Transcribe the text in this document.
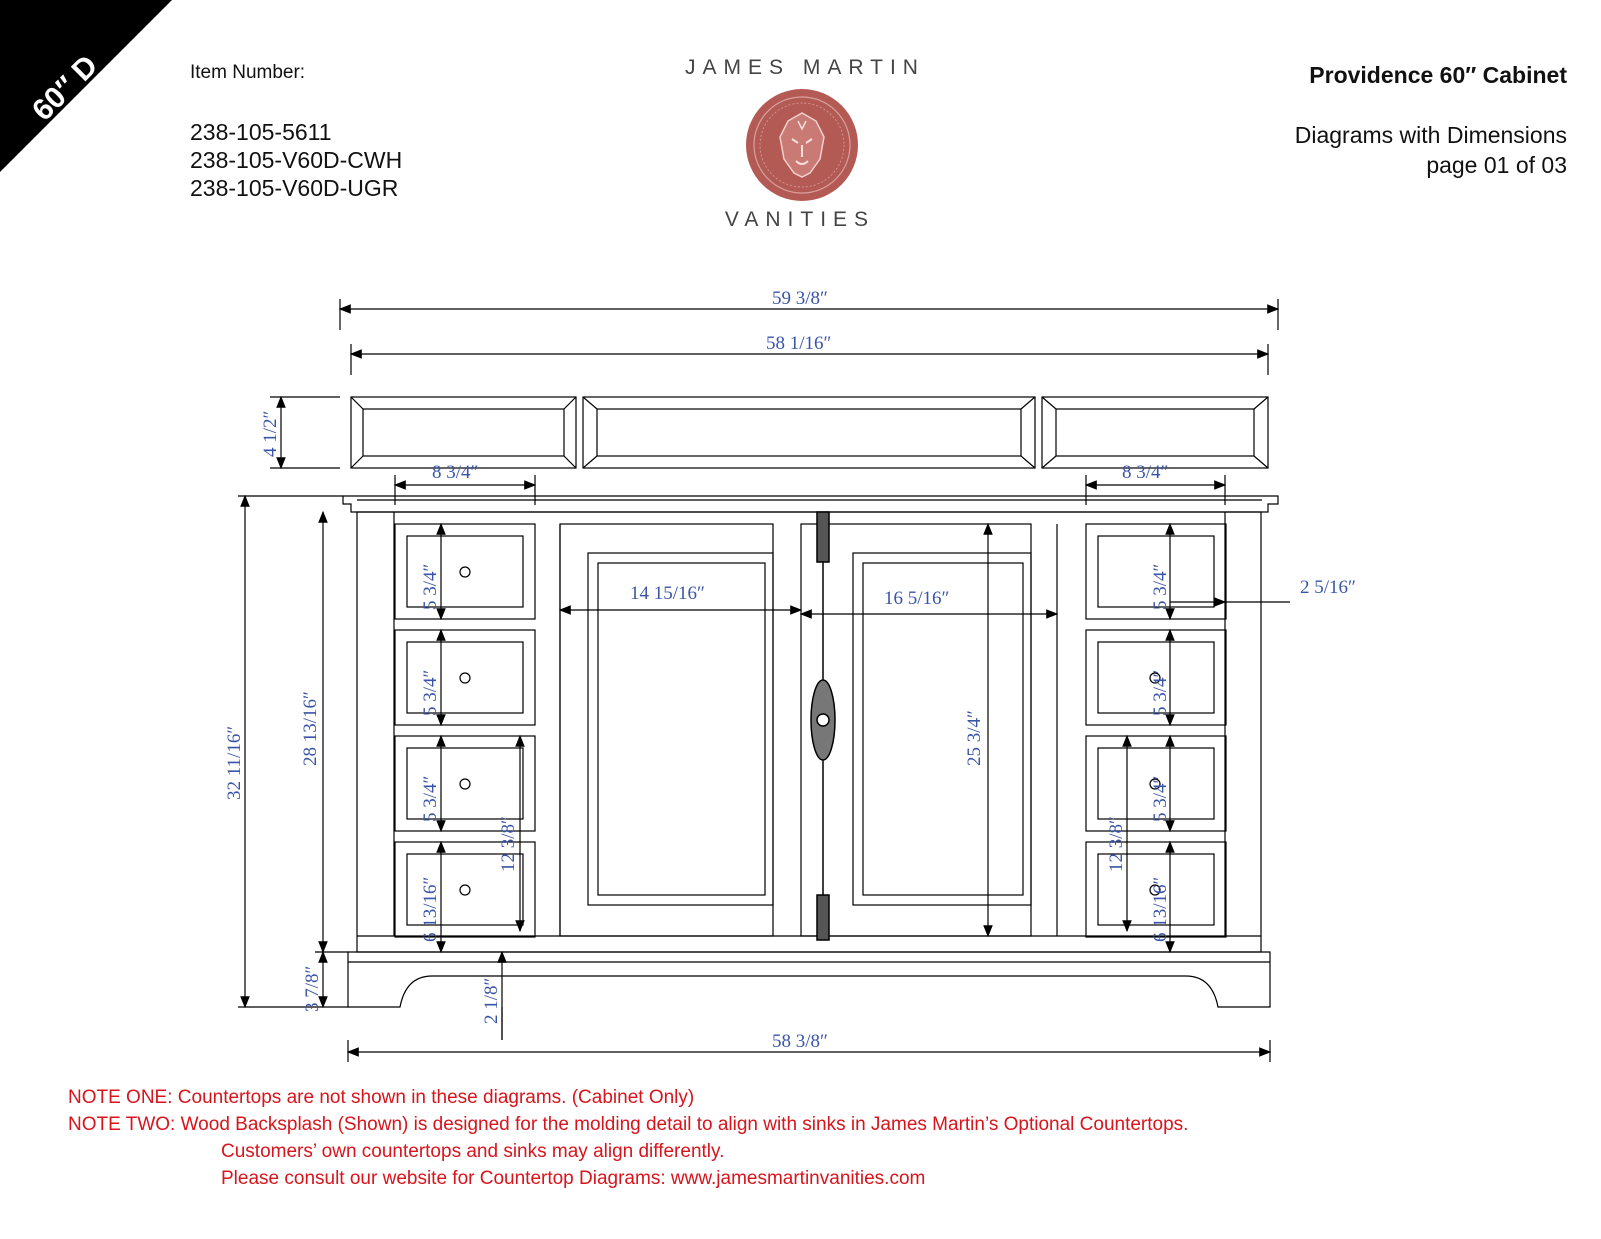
60″ D	Item Number:
238-105-5611
238-105-V60D-CWH
238-105-V60D-UGR
JAMES MARTIN
VANITIES
Providence 60″ Cabinet
Diagrams with Dimensions
page 01 of 03
59 3/8″
58 1/16″
4 1/2″
8 3/4″	8 3/4″
14 15/16″	16 5/16″
2 5/16″
32 11/16″	28 13/16″	25 3/4″
5 3/4″
5 3/4″
5 3/4″
6 13/16″
5 3/4″
5 3/4″
5 3/4″
6 13/16″
12 3/8″	12 3/8″
3 7/8″	2 1/8″
58 3/8″
NOTE ONE: Countertops are not shown in these diagrams. (Cabinet Only)
NOTE TWO: Wood Backsplash (Shown) is designed for the molding detail to align with sinks in James Martin’s Optional Countertops.
Customers’ own countertops and sinks may align differently.
Please consult our website for Countertop Diagrams: www.jamesmartinvanities.com
